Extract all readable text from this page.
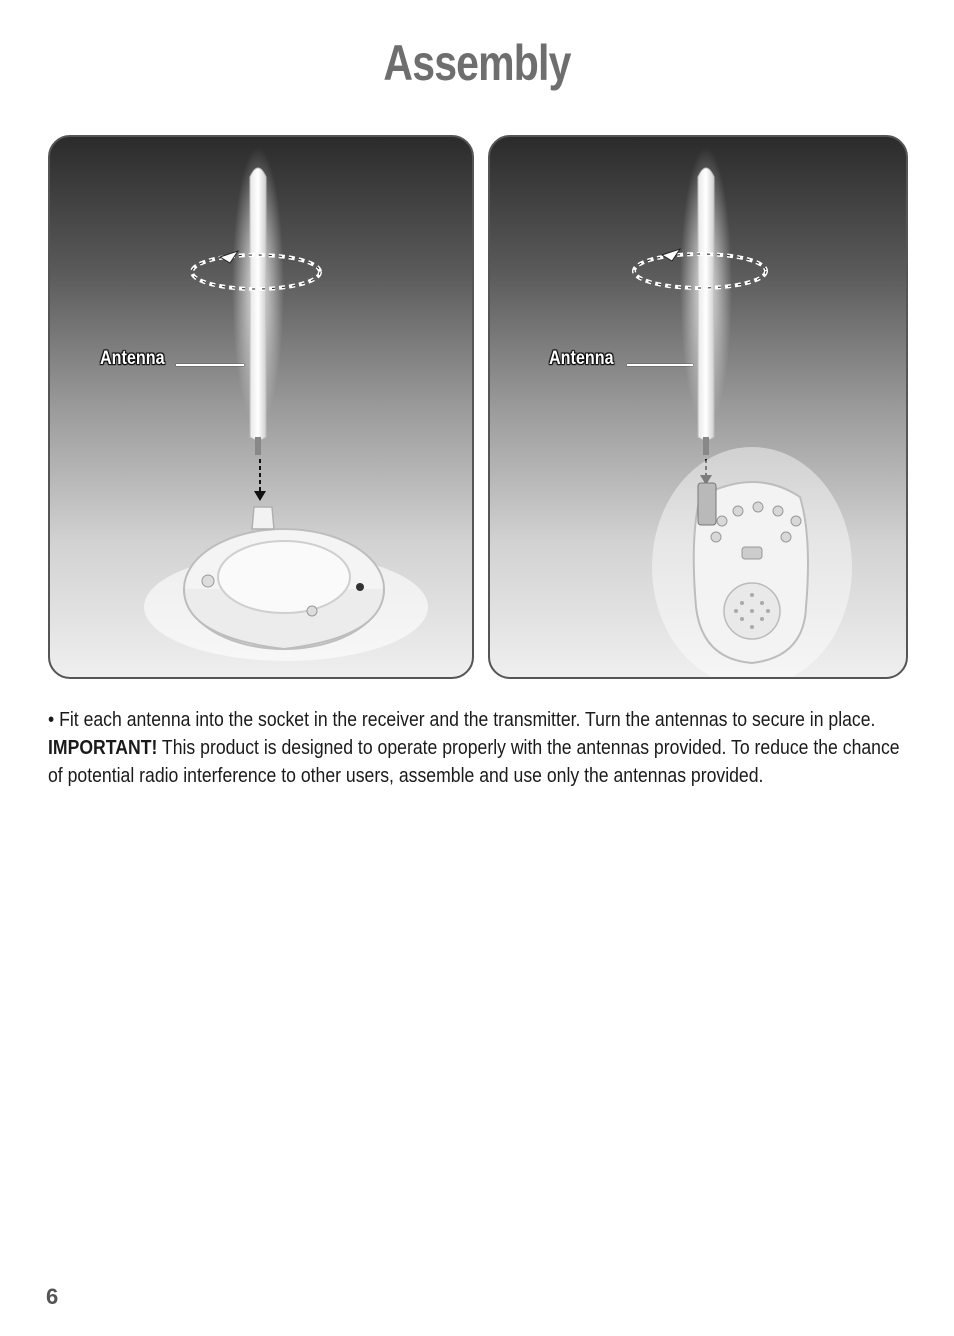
Assembly
Antenna	Antenna
• Fit each antenna into the socket in the receiver and the transmitter. Turn the antennas to secure in place.
IMPORTANT! This product is designed to operate properly with the antennas provided. To reduce the chance of potential radio interference to other users, assemble and use only the antennas provided.
6
